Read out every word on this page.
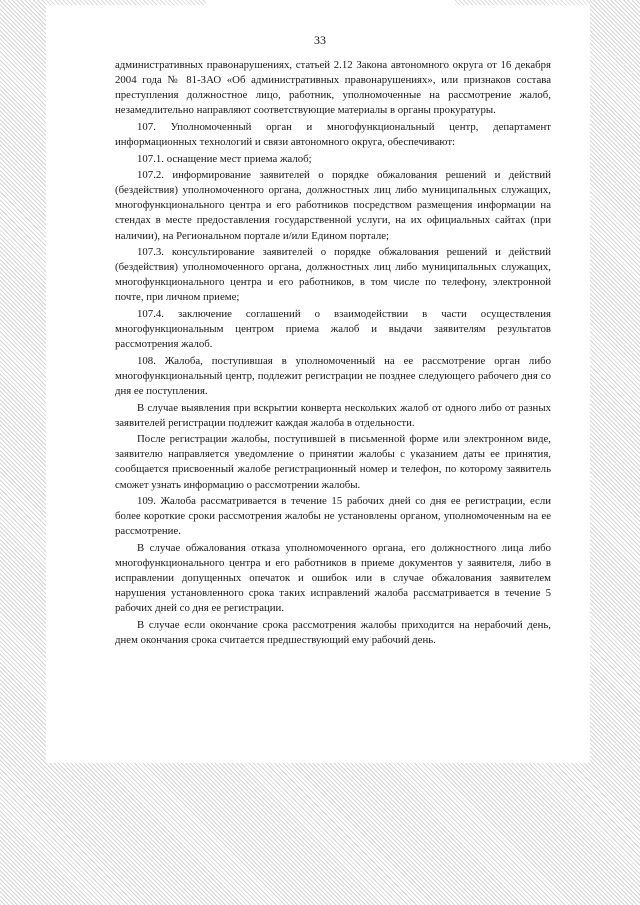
33

административных правонарушениях, статьей 2.12 Закона автономного округа от 16 декабря 2004 года № 81-ЗАО «Об административных правонарушениях», или признаков состава преступления должностное лицо, работник, уполномоченные на рассмотрение жалоб, незамедлительно направляют соответствующие материалы в органы прокуратуры.

107. Уполномоченный орган и многофункциональный центр, департамент информационных технологий и связи автономного округа, обеспечивают:

107.1. оснащение мест приема жалоб;

107.2. информирование заявителей о порядке обжалования решений и действий (бездействия) уполномоченного органа, должностных лиц либо муниципальных служащих, многофункционального центра и его работников посредством размещения информации на стендах в месте предоставления государственной услуги, на их официальных сайтах (при наличии), на Региональном портале и/или Едином портале;

107.3. консультирование заявителей о порядке обжалования решений и действий (бездействия) уполномоченного органа, должностных лиц либо муниципальных служащих, многофункционального центра и его работников, в том числе по телефону, электронной почте, при личном приеме;

107.4. заключение соглашений о взаимодействии в части осуществления многофункциональным центром приема жалоб и выдачи заявителям результатов рассмотрения жалоб.

108. Жалоба, поступившая в уполномоченный на ее рассмотрение орган либо многофункциональный центр, подлежит регистрации не позднее следующего рабочего дня со дня ее поступления.

В случае выявления при вскрытии конверта нескольких жалоб от одного либо от разных заявителей регистрации подлежит каждая жалоба в отдельности.

После регистрации жалобы, поступившей в письменной форме или электронном виде, заявителю направляется уведомление о принятии жалобы с указанием даты ее принятия, сообщается присвоенный жалобе регистрационный номер и телефон, по которому заявитель сможет узнать информацию о рассмотрении жалобы.

109. Жалоба рассматривается в течение 15 рабочих дней со дня ее регистрации, если более короткие сроки рассмотрения жалобы не установлены органом, уполномоченным на ее рассмотрение.

В случае обжалования отказа уполномоченного органа, его должностного лица либо многофункционального центра и его работников в приеме документов у заявителя, либо в исправлении допущенных опечаток и ошибок или в случае обжалования заявителем нарушения установленного срока таких исправлений жалоба рассматривается в течение 5 рабочих дней со дня ее регистрации.

В случае если окончание срока рассмотрения жалобы приходится на нерабочий день, днем окончания срока считается предшествующий ему рабочий день.
